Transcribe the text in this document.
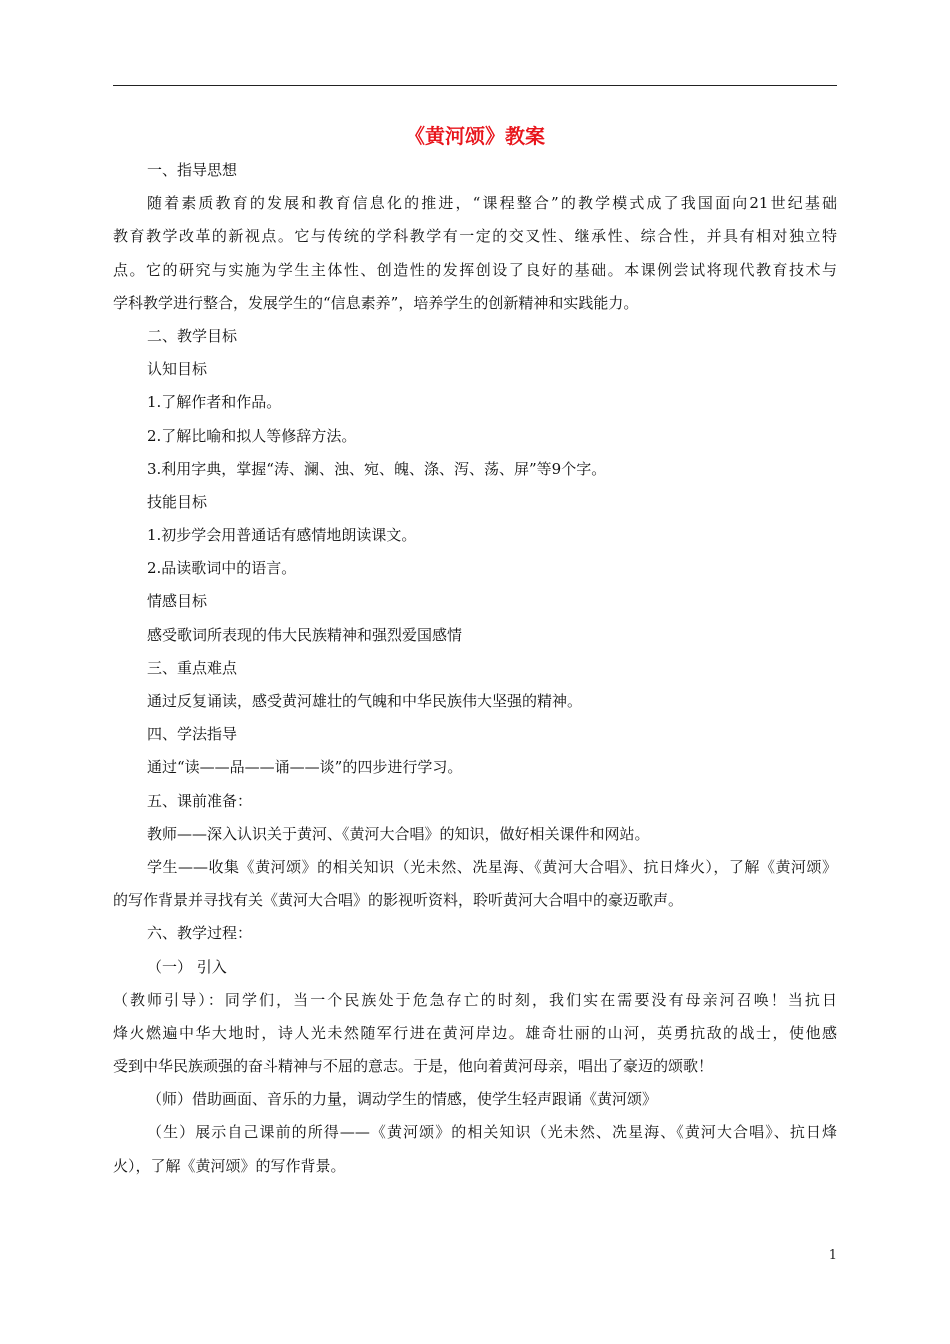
《黄河颂》教案
一、指导思想
随着素质教育的发展和教育信息化的推进，“课程整合”的教学模式成了我国面向21世纪基础
教育教学改革的新视点。它与传统的学科教学有一定的交叉性、继承性、综合性，并具有相对独立特
点。它的研究与实施为学生主体性、创造性的发挥创设了良好的基础。本课例尝试将现代教育技术与
学科教学进行整合，发展学生的“信息素养”，培养学生的创新精神和实践能力。
二、教学目标
认知目标
1.了解作者和作品。
2.了解比喻和拟人等修辞方法。
3.利用字典，掌握“涛、澜、浊、宛、魄、涤、泻、荡、屏”等9个字。
技能目标
1.初步学会用普通话有感情地朗读课文。
2.品读歌词中的语言。
情感目标
感受歌词所表现的伟大民族精神和强烈爱国感情
三、重点难点
通过反复诵读，感受黄河雄壮的气魄和中华民族伟大坚强的精神。
四、学法指导
通过“读——品——诵——谈”的四步进行学习。
五、课前准备：
教师——深入认识关于黄河、《黄河大合唱》的知识，做好相关课件和网站。
学生——收集《黄河颂》的相关知识（光未然、冼星海、《黄河大合唱》、抗日烽火），了解《黄河颂》
的写作背景并寻找有关《黄河大合唱》的影视听资料，聆听黄河大合唱中的豪迈歌声。
六、教学过程：
（一） 引入
（教师引导）：同学们，当一个民族处于危急存亡的时刻，我们实在需要没有母亲河召唤！当抗日
烽火燃遍中华大地时，诗人光未然随军行进在黄河岸边。雄奇壮丽的山河，英勇抗敌的战士，使他感
受到中华民族顽强的奋斗精神与不屈的意志。于是，他向着黄河母亲，唱出了豪迈的颂歌！
（师）借助画面、音乐的力量，调动学生的情感，使学生轻声跟诵《黄河颂》
（生）展示自己课前的所得——《黄河颂》的相关知识（光未然、冼星海、《黄河大合唱》、抗日烽
火），了解《黄河颂》的写作背景。
1
